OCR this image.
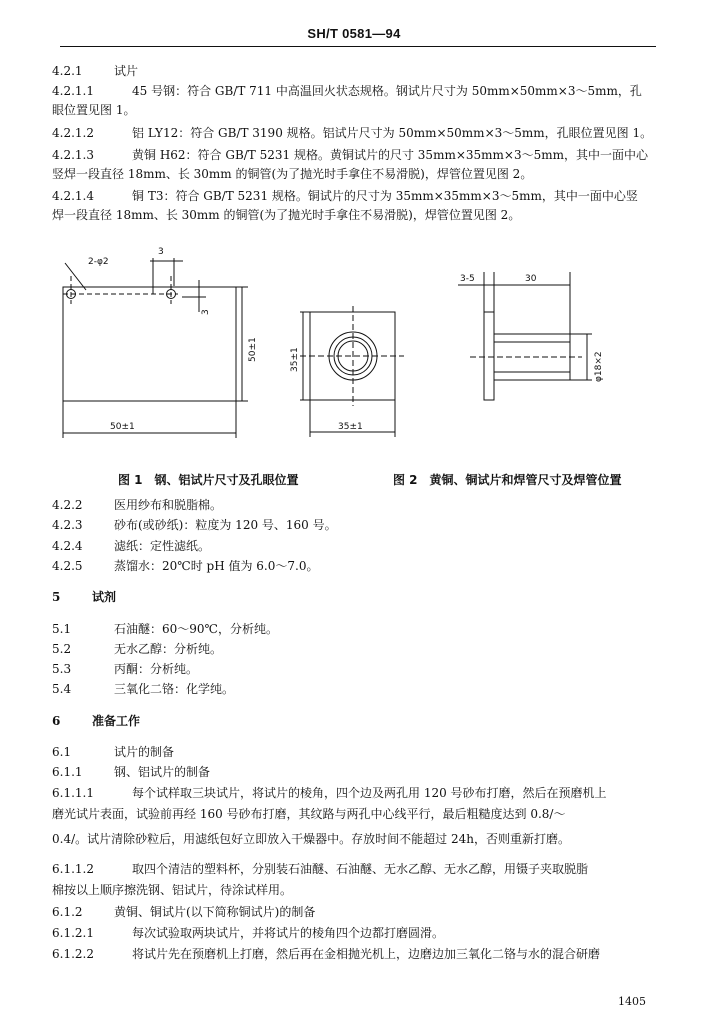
SH/T 0581—94
4.2.1	试片
4.2.1.1	45 号钢：符合 GB/T 711 中高温回火状态规格。钢试片尺寸为 50mm×50mm×3～5mm，孔
眼位置见图 1。
4.2.1.2	铝 LY12：符合 GB/T 3190 规格。铝试片尺寸为 50mm×50mm×3～5mm，孔眼位置见图 1。
4.2.1.3	黄铜 H62：符合 GB/T 5231 规格。黄铜试片的尺寸 35mm×35mm×3～5mm，其中一面中心
竖焊一段直径 18mm、长 30mm 的铜管(为了抛光时手拿住不易滑脱)，焊管位置见图 2。
4.2.1.4	铜 T3：符合 GB/T 5231 规格。铜试片的尺寸为 35mm×35mm×3～5mm，其中一面中心竖
焊一段直径 18mm、长 30mm 的铜管(为了抛光时手拿住不易滑脱)，焊管位置见图 2。
2-φ2
3
3
50±1
50±1
35±1
35±1
3-5	30
φ18×2
图 1　钢、铝试片尺寸及孔眼位置	图 2　黄铜、铜试片和焊管尺寸及焊管位置
4.2.2	医用纱布和脱脂棉。
4.2.3	砂布(或砂纸)：粒度为 120 号、160 号。
4.2.4	滤纸：定性滤纸。
4.2.5	蒸馏水：20℃时 pH 值为 6.0～7.0。
5	试剂
5.1	石油醚：60～90℃，分析纯。
5.2	无水乙醇：分析纯。
5.3	丙酮：分析纯。
5.4	三氧化二铬：化学纯。
6	准备工作
6.1	试片的制备
6.1.1	钢、铝试片的制备
6.1.1.1	每个试样取三块试片，将试片的棱角，四个边及两孔用 120 号砂布打磨，然后在预磨机上
磨光试片表面，试验前再经 160 号砂布打磨，其纹路与两孔中心线平行，最后粗糙度达到 0.8/～
0.4/。试片清除砂粒后，用滤纸包好立即放入干燥器中。存放时间不能超过 24h，否则重新打磨。
6.1.1.2	取四个清洁的塑料杯，分别装石油醚、石油醚、无水乙醇、无水乙醇，用镊子夹取脱脂
棉按以上顺序擦洗钢、铝试片，待涂试样用。
6.1.2	黄铜、铜试片(以下简称铜试片)的制备
6.1.2.1	每次试验取两块试片，并将试片的棱角四个边都打磨圆滑。
6.1.2.2	将试片先在预磨机上打磨，然后再在金相抛光机上，边磨边加三氧化二铬与水的混合研磨
1405
